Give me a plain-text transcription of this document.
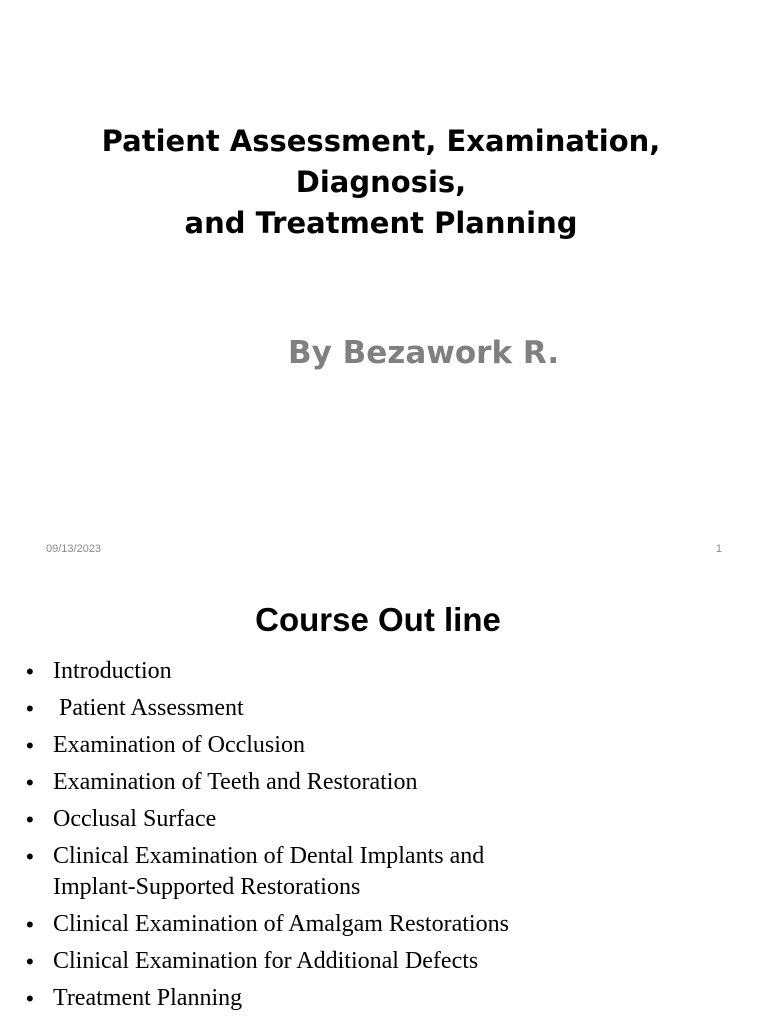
Patient Assessment, Examination,
Diagnosis,
and Treatment Planning

By Bezawork R.

09/13/2023	1
Course Out line
• Introduction
• Patient Assessment
• Examination of Occlusion
• Examination of Teeth and Restoration
• Occlusal Surface
• Clinical Examination of Dental Implants and Implant-Supported Restorations
• Clinical Examination of Amalgam Restorations
• Clinical Examination for Additional Defects
• Treatment Planning
